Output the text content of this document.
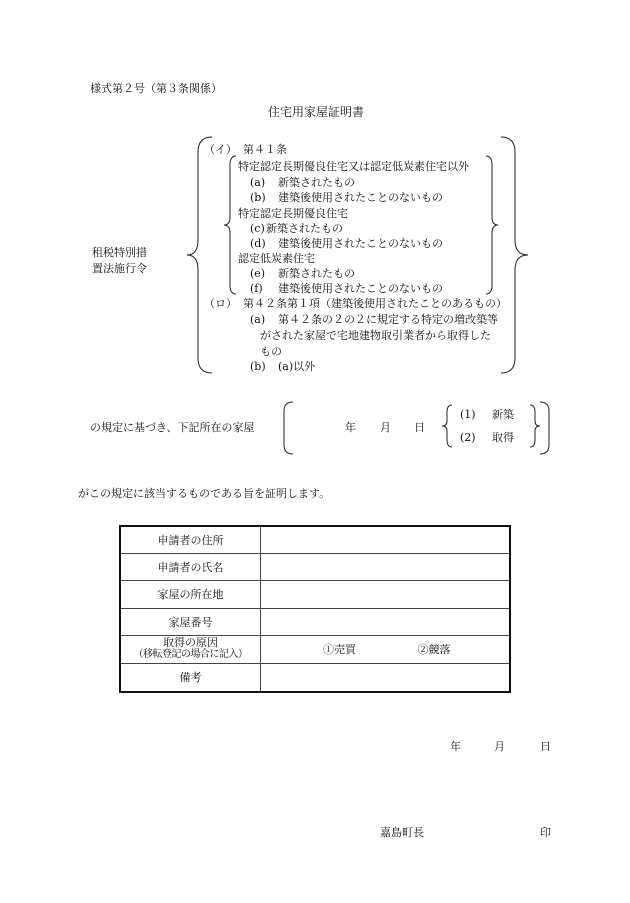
様式第２号（第３条関係）
住宅用家屋証明書
租税特別措
置法施行令
（イ） 第４１条
特定認定長期優良住宅又は認定低炭素住宅以外
(a) 新築されたもの
(b) 建築後使用されたことのないもの
特定認定長期優良住宅
(c) 新築されたもの
(d) 建築後使用されたことのないもの
認定低炭素住宅
(e) 新築されたもの
(f) 建築後使用されたことのないもの
（ロ） 第４２条第１項（建築後使用されたことのあるもの）
(a) 第４２条の２の２に規定する特定の増改築等
がされた家屋で宅地建物取引業者から取得した
もの
(b) (a)以外
の規定に基づき、下記所在の家屋	年 月 日
(1) 新築
(2) 取得
がこの規定に該当するものである旨を証明します。
申請者の住所	
申請者の氏名	
家屋の所在地	
家屋番号	

取得の原因
（移転登記の場合に記入）	①売買 ②競落
備考	
年	月	日
嘉島町長	印
